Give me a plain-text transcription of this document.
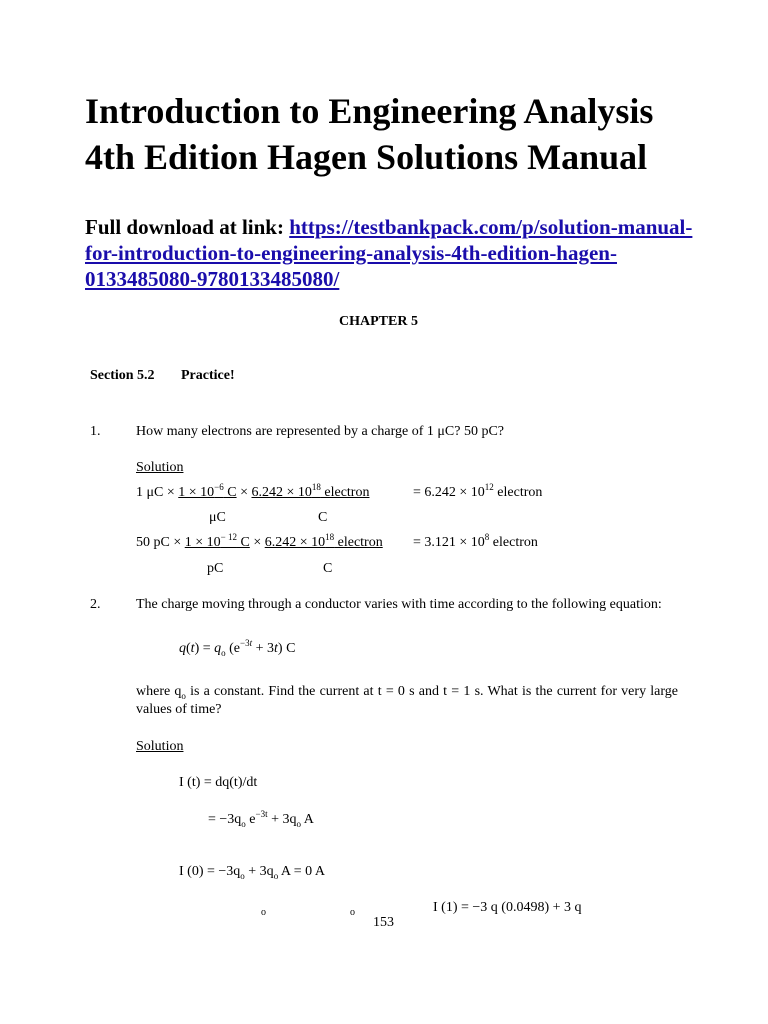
Introduction to Engineering Analysis
4th Edition Hagen Solutions Manual
Full download at link: https://testbankpack.com/p/solution-manual-
for-introduction-to-engineering-analysis-4th-edition-hagen-
0133485080-9780133485080/
CHAPTER 5
Section 5.2 Practice!
1.	How many electrons are represented by a charge of 1 μC? 50 pC?
Solution
1 $\mu C \times 1 \times 10^{-6}$ $C \times 6.242 \times 10^{18}$ electron	= $6.242 \times 10^{12}$ electron
μC	C
50 pC × $1 \times 10^{- 12}$ $C \times 6.242 \times 10^{18}$ electron = $3.121 \times 10^8$ electron
pC	C
2.	The charge moving through a conductor varies with time according to the following equation:
$q(t) = q_o$ $(e^{-3t} + 3t)$ C
where $q_o$ is a constant. Find the current at t = 0 s and t = 1 s. What is the current for very large values of time?
Solution
I (t) = dq(t)/dt
= $-3q_o$ $e^{-3t} + 3q_o$ A
I $(0) = -3q_o + 3q_o$ A = 0 A
I (1) = −3 q (0.0498) + 3 q
o	o
153
